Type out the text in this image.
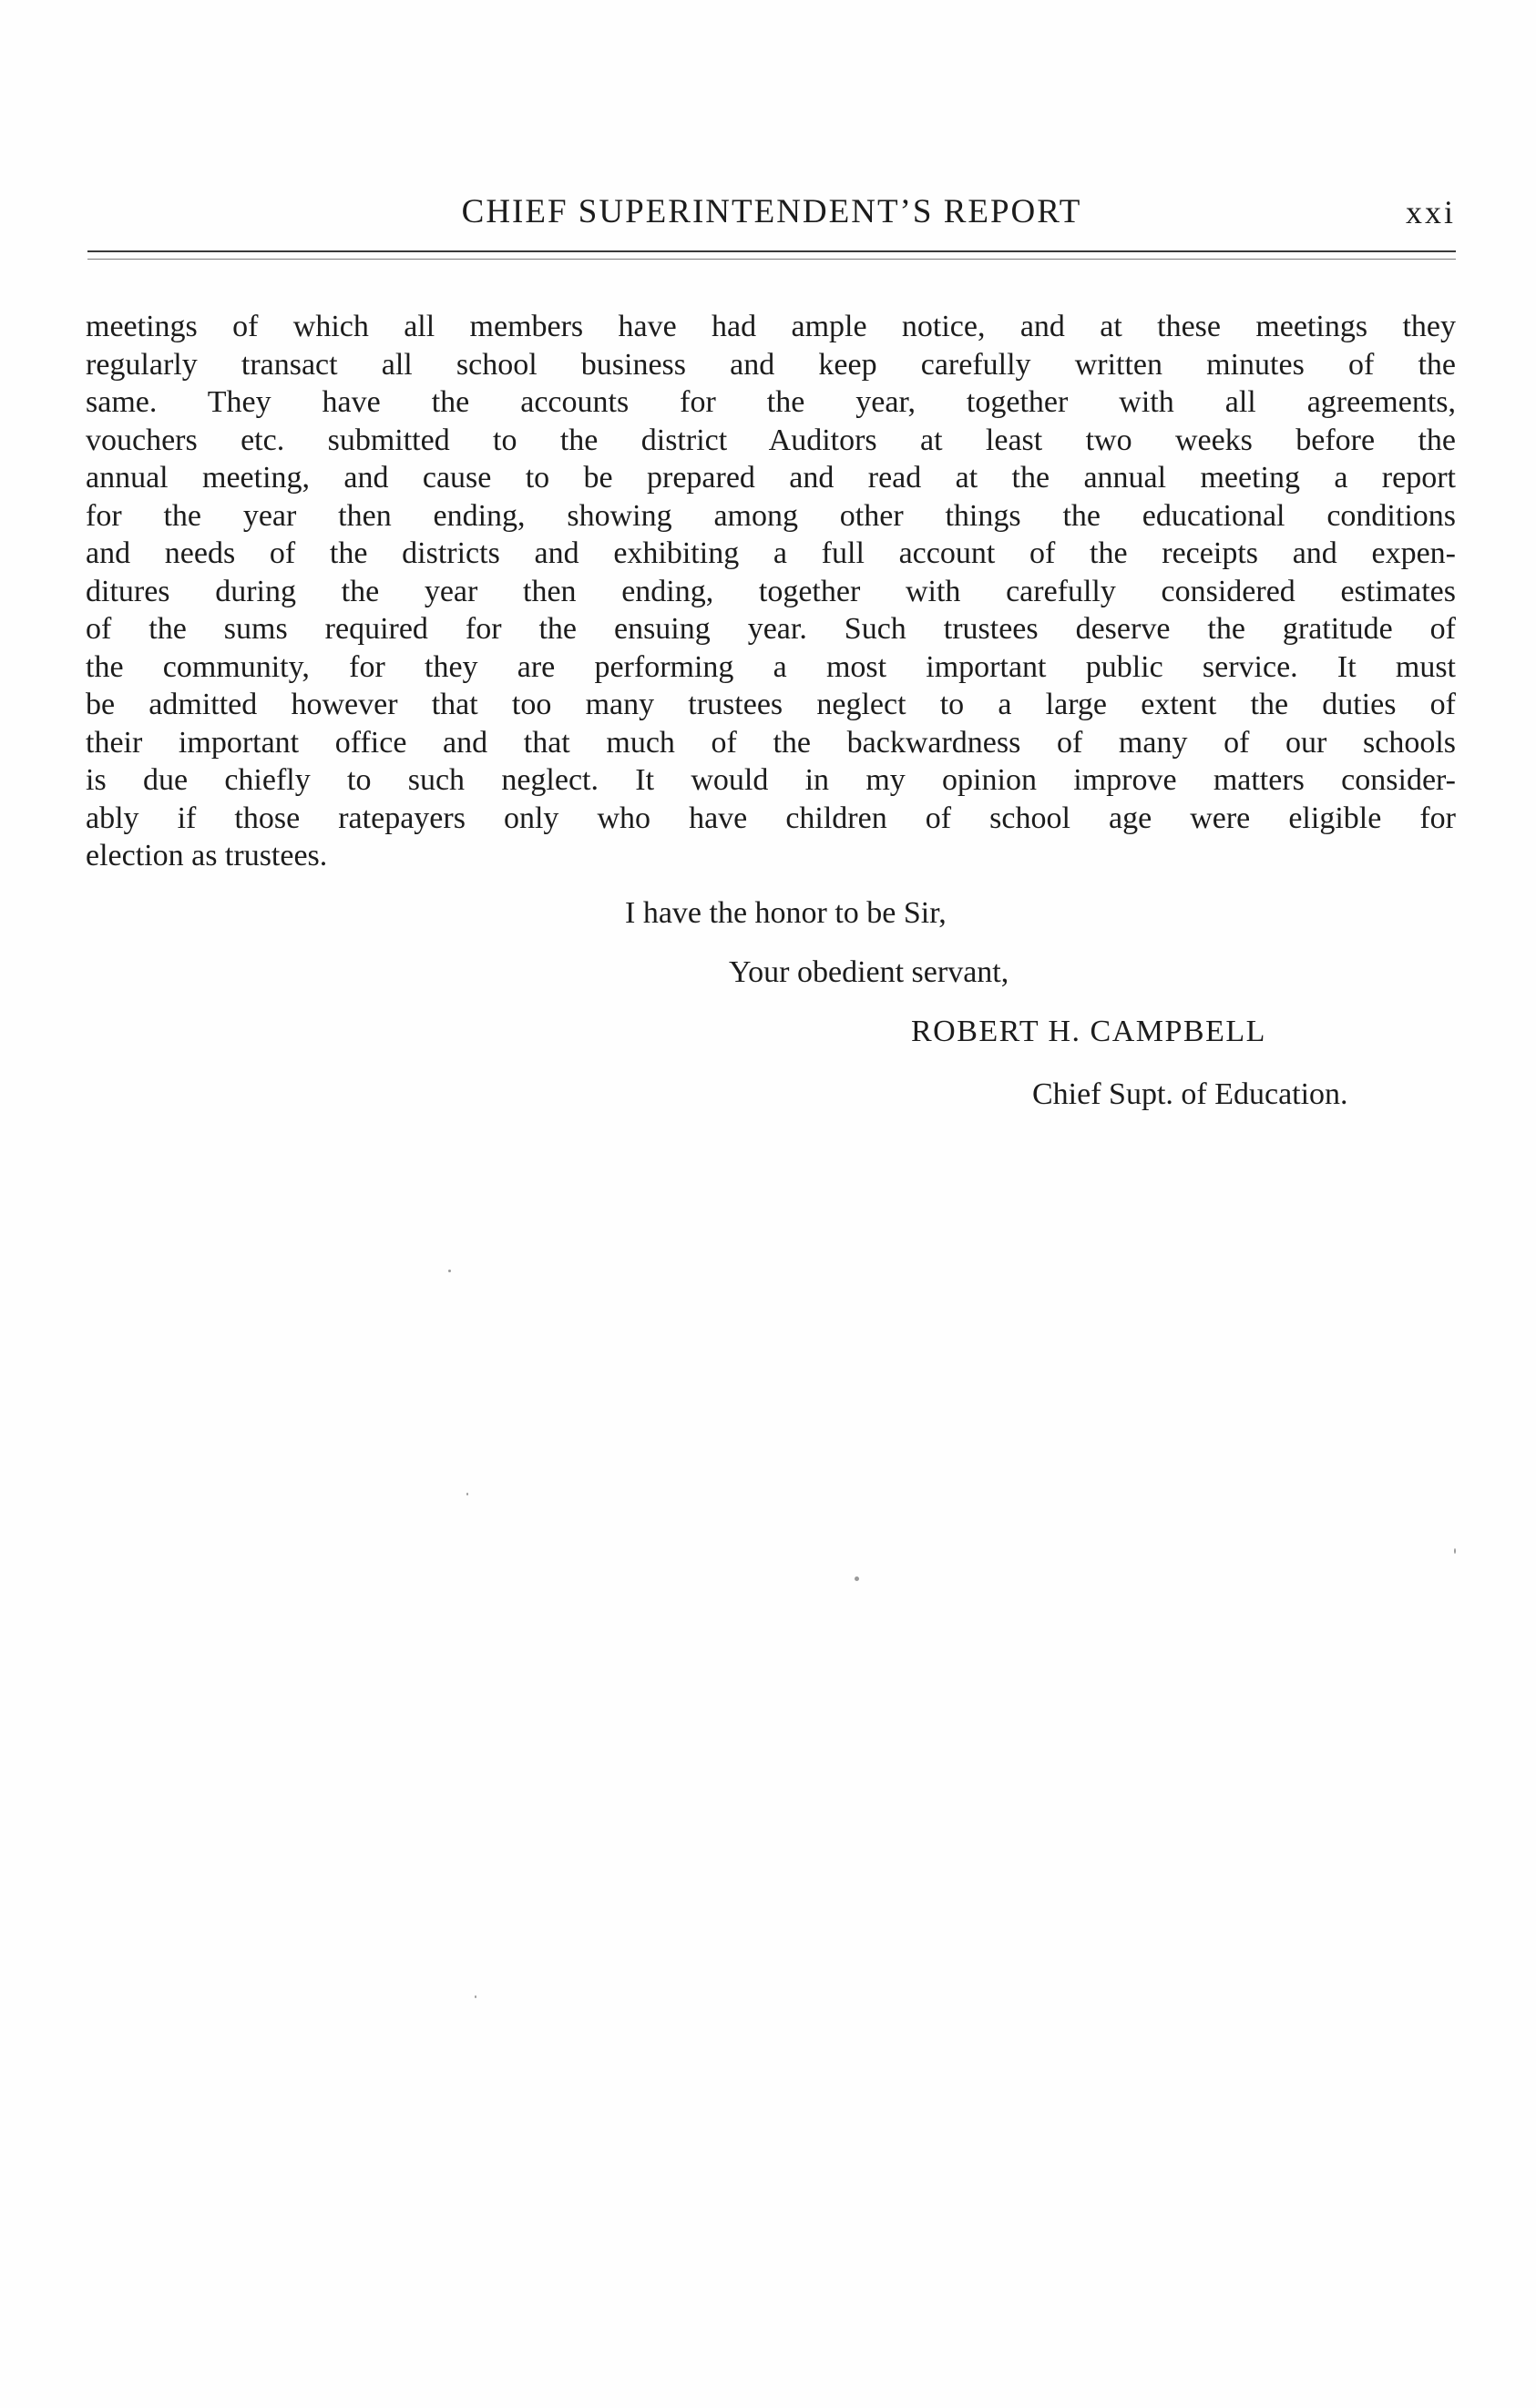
CHIEF SUPERINTENDENT’S REPORT	xxi

meetings of which all members have had ample notice, and at these meetings they
regularly transact all school business and keep carefully written minutes of the
same. They have the accounts for the year, together with all agreements,
vouchers etc. submitted to the district Auditors at least two weeks before the
annual meeting, and cause to be prepared and read at the annual meeting a report
for the year then ending, showing among other things the educational conditions
and needs of the districts and exhibiting a full account of the receipts and expen-
ditures during the year then ending, together with carefully considered estimates
of the sums required for the ensuing year. Such trustees deserve the gratitude of
the community, for they are performing a most important public service. It must
be admitted however that too many trustees neglect to a large extent the duties of
their important office and that much of the backwardness of many of our schools
is due chiefly to such neglect. It would in my opinion improve matters consider-
ably if those ratepayers only who have children of school age were eligible for
election as trustees.

I have the honor to be Sir,

Your obedient servant,

ROBERT H. CAMPBELL

Chief Supt. of Education.
